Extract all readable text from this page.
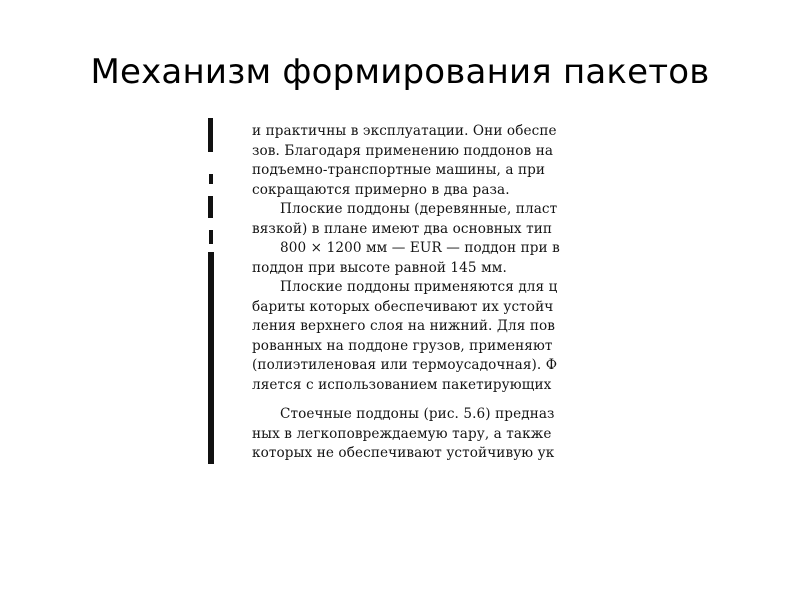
Механизм формирования пакетов
и практичны в эксплуатации. Они обеспе
зов. Благодаря применению поддонов на
подъемно-транспортные машины, а при
сокращаются примерно в два раза.
Плоские поддоны (деревянные, пласт
вязкой) в плане имеют два основных тип
800 × 1200 мм — EUR — поддон при в
поддон при высоте равной 145 мм.
Плоские поддоны применяются для ц
бариты которых обеспечивают их устойч
ления верхнего слоя на нижний. Для пов
рованных на поддоне грузов, применяют
(полиэтиленовая или термоусадочная). Ф
ляется с использованием пакетирующих
Стоечные поддоны (рис. 5.6) предназ
ных в легкоповреждаемую тару, а также
которых не обеспечивают устойчивую ук
